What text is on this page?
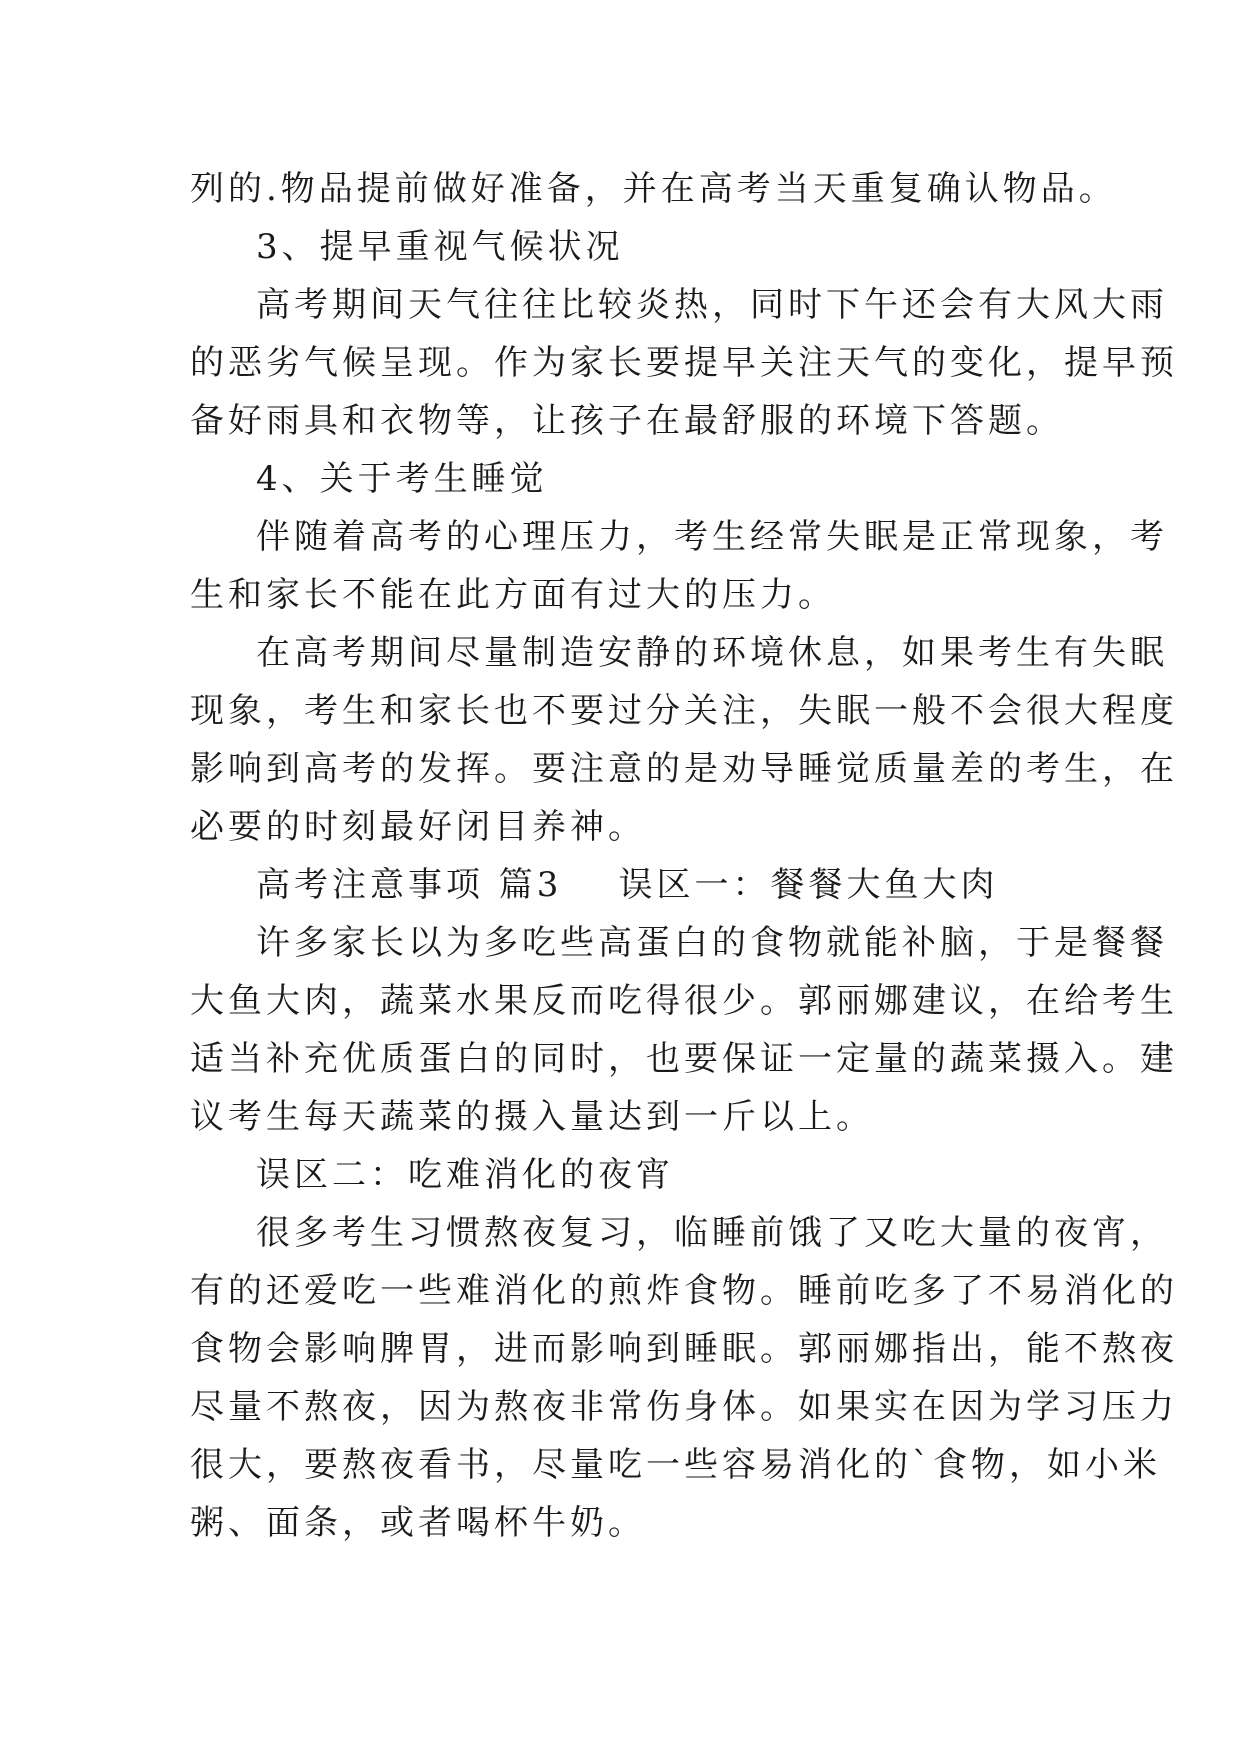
列的.物品提前做好准备，并在高考当天重复确认物品。
3、提早重视气候状况
高考期间天气往往比较炎热，同时下午还会有大风大雨
的恶劣气候呈现。作为家长要提早关注天气的变化，提早预
备好雨具和衣物等，让孩子在最舒服的环境下答题。
4、关于考生睡觉
伴随着高考的心理压力，考生经常失眠是正常现象，考
生和家长不能在此方面有过大的压力。
在高考期间尽量制造安静的环境休息，如果考生有失眠
现象，考生和家长也不要过分关注，失眠一般不会很大程度
影响到高考的发挥。要注意的是劝导睡觉质量差的考生，在
必要的时刻最好闭目养神。
高考注意事项 篇3 误区一：餐餐大鱼大肉
许多家长以为多吃些高蛋白的食物就能补脑，于是餐餐
大鱼大肉，蔬菜水果反而吃得很少。郭丽娜建议，在给考生
适当补充优质蛋白的同时，也要保证一定量的蔬菜摄入。建
议考生每天蔬菜的摄入量达到一斤以上。
误区二：吃难消化的夜宵
很多考生习惯熬夜复习，临睡前饿了又吃大量的夜宵，
有的还爱吃一些难消化的煎炸食物。睡前吃多了不易消化的
食物会影响脾胃，进而影响到睡眠。郭丽娜指出，能不熬夜
尽量不熬夜，因为熬夜非常伤身体。如果实在因为学习压力
很大，要熬夜看书，尽量吃一些容易消化的`食物，如小米
粥、面条，或者喝杯牛奶。
